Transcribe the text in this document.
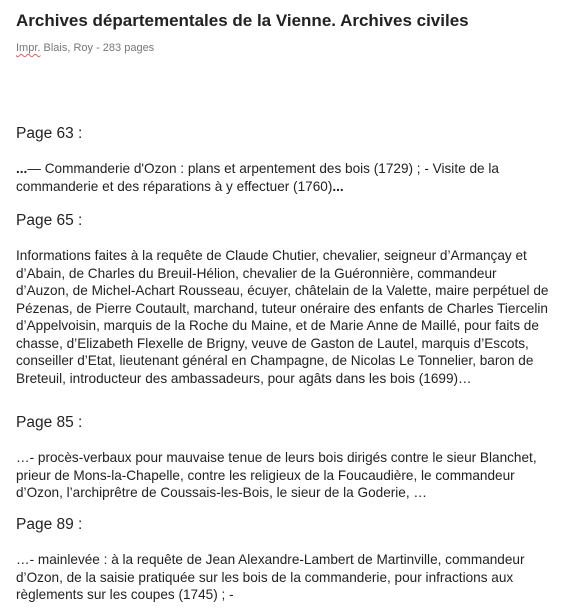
Archives départementales de la Vienne. Archives civiles
Impr. Blais, Roy - 283 pages
Page 63 :

...— Commanderie d'Ozon : plans et arpentement des bois (1729) ; - Visite de la commanderie et des réparations à y effectuer (1760)...

Page 65 :

Informations faites à la requête de Claude Chutier, chevalier, seigneur d’Armançay et d’Abain, de Charles du Breuil-Hélion, chevalier de la Guéronnière, commandeur d’Auzon, de Michel-Achart Rousseau, écuyer, châtelain de la Valette, maire perpétuel de Pézenas, de Pierre Coutault, marchand, tuteur onéraire des enfants de Charles Tiercelin d’Appelvoisin, marquis de la Roche du Maine, et de Marie Anne de Maillé, pour faits de chasse, d’Elizabeth Flexelle de Brigny, veuve de Gaston de Lautel, marquis d’Escots, conseiller d’Etat, lieutenant général en Champagne, de Nicolas Le Tonnelier, baron de Breteuil, introducteur des ambassadeurs, pour agâts dans les bois (1699)…

Page 85 :

…- procès-verbaux pour mauvaise tenue de leurs bois dirigés contre le sieur Blanchet, prieur de Mons-la-Chapelle, contre les religieux de la Foucaudière, le commandeur d’Ozon, l’archiprêtre de Coussais-les-Bois, le sieur de la Goderie, …

Page 89 :

…- mainlevée : à la requête de Jean Alexandre-Lambert de Martinville, commandeur d’Ozon, de la saisie pratiquée sur les bois de la commanderie, pour infractions aux règlements sur les coupes (1745) ; -
